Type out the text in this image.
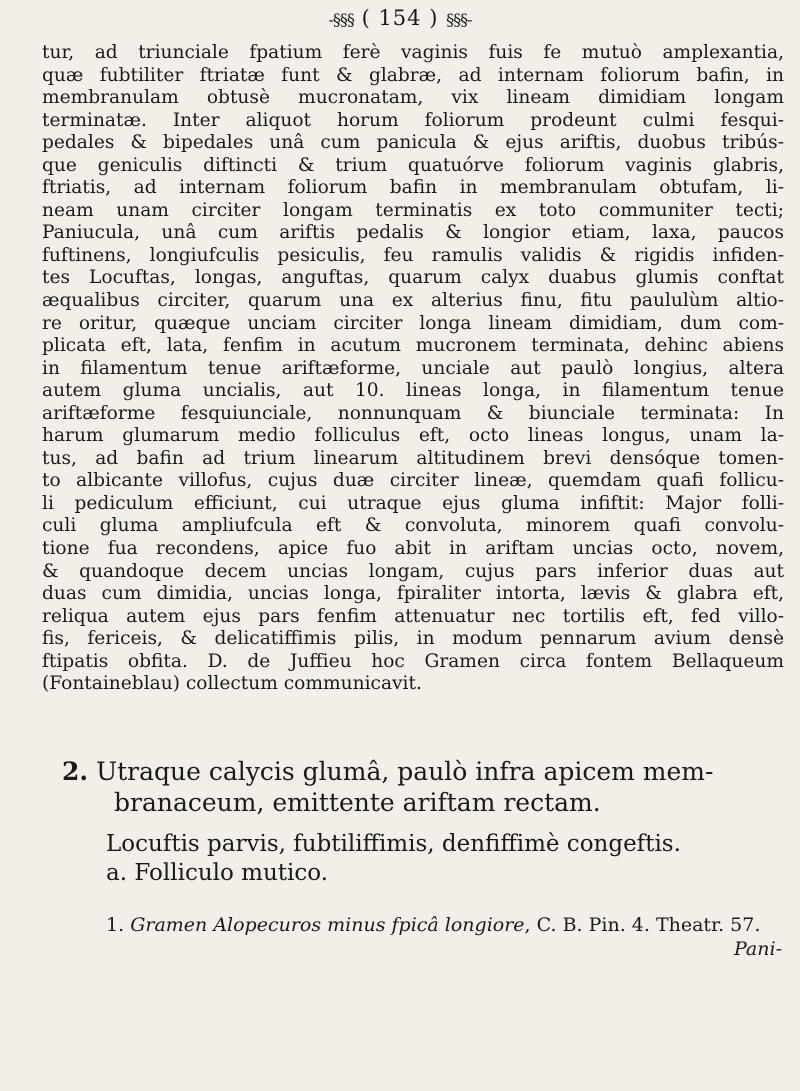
-§§§ ( 154 ) §§§-

tur, ad triunciale fpatium ferè vaginis fuis fe mutuò amplexantia,
quæ fubtiliter ftriatæ funt & glabræ, ad internam foliorum bafin, in
membranulam obtusè mucronatam, vix lineam dimidiam longam
terminatæ. Inter aliquot horum foliorum prodeunt culmi fesqui-
pedales & bipedales unâ cum panicula & ejus ariftis, duobus tribús-
que geniculis diftincti & trium quatuórve foliorum vaginis glabris,
ftriatis, ad internam foliorum bafin in membranulam obtufam, li-
neam unam circiter longam terminatis ex toto communiter tecti;
Paniucula, unâ cum ariftis pedalis & longior etiam, laxa, paucos
fuftinens, longiufculis pesiculis, feu ramulis validis & rigidis infiden-
tes Locuftas, longas, anguftas, quarum calyx duabus glumis conftat
æqualibus circiter, quarum una ex alterius finu, fitu paululùm altio-
re oritur, quæque unciam circiter longa lineam dimidiam, dum com-
plicata eft, lata, fenfim in acutum mucronem terminata, dehinc abiens
in filamentum tenue ariftæforme, unciale aut paulò longius, altera
autem gluma uncialis, aut 10. lineas longa, in filamentum tenue
ariftæforme fesquiunciale, nonnunquam & biunciale terminata: In
harum glumarum medio folliculus eft, octo lineas longus, unam la-
tus, ad bafin ad trium linearum altitudinem brevi densóque tomen-
to albicante villofus, cujus duæ circiter lineæ, quemdam quafi follicu-
li pediculum efficiunt, cui utraque ejus gluma infiftit: Major folli-
culi gluma ampliufcula eft & convoluta, minorem quafi convolu-
tione fua recondens, apice fuo abit in ariftam uncias octo, novem,
& quandoque decem uncias longam, cujus pars inferior duas aut
duas cum dimidia, uncias longa, fpiraliter intorta, lævis & glabra eft,
reliqua autem ejus pars fenfim attenuatur nec tortilis eft, fed villo-
fis, fericeis, & delicatiffimis pilis, in modum pennarum avium densè
ftipatis obfita. D. de Juffieu hoc Gramen circa fontem Bellaqueum
(Fontaineblau) collectum communicavit.

2. Utraque calycis glumâ, paulò infra apicem mem-
branaceum, emittente ariftam rectam.
Locuftis parvis, fubtiliffimis, denfiffimè congeftis.
a. Folliculo mutico.
1. Gramen Alopecuros minus fpicâ longiore, C. B. Pin. 4. Theatr. 57.
Pani-
